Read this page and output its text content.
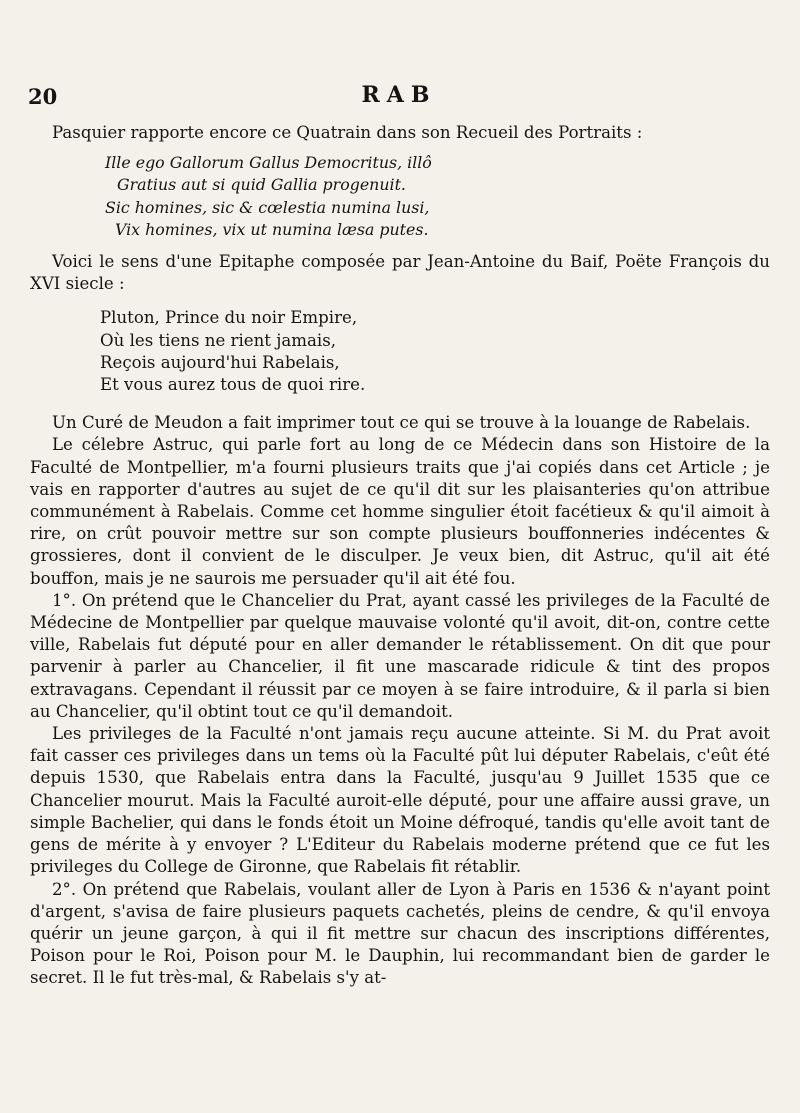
20	RAB

Pasquier rapporte encore ce Quatrain dans son Recueil des Portraits :

Ille ego Gallorum Gallus Democritus, illô
Gratius aut si quid Gallia progenuit.
Sic homines, sic & cœlestia numina lusi,
Vix homines, vix ut numina læsa putes.

Voici le sens d'une Epitaphe composée par Jean-Antoine du Baif, Poëte François du XVI siecle :

Pluton, Prince du noir Empire,
Où les tiens ne rient jamais,
Reçois aujourd'hui Rabelais,
Et vous aurez tous de quoi rire.

Un Curé de Meudon a fait imprimer tout ce qui se trouve à la louange de Rabelais.

Le célebre Astruc, qui parle fort au long de ce Médecin dans son Histoire de la Faculté de Montpellier, m'a fourni plusieurs traits que j'ai copiés dans cet Article ; je vais en rapporter d'autres au sujet de ce qu'il dit sur les plaisanteries qu'on attribue communément à Rabelais. Comme cet homme singulier étoit facétieux & qu'il aimoit à rire, on crût pouvoir mettre sur son compte plusieurs bouffonneries indécentes & grossieres, dont il convient de le disculper. Je veux bien, dit Astruc, qu'il ait été bouffon, mais je ne saurois me persuader qu'il ait été fou.

1°. On prétend que le Chancelier du Prat, ayant cassé les privileges de la Faculté de Médecine de Montpellier par quelque mauvaise volonté qu'il avoit, dit-on, contre cette ville, Rabelais fut député pour en aller demander le rétablissement. On dit que pour parvenir à parler au Chancelier, il fit une mascarade ridicule & tint des propos extravagans. Cependant il réussit par ce moyen à se faire introduire, & il parla si bien au Chancelier, qu'il obtint tout ce qu'il demandoit.

Les privileges de la Faculté n'ont jamais reçu aucune atteinte. Si M. du Prat avoit fait casser ces privileges dans un tems où la Faculté pût lui députer Rabelais, c'eût été depuis 1530, que Rabelais entra dans la Faculté, jusqu'au 9 Juillet 1535 que ce Chancelier mourut. Mais la Faculté auroit-elle député, pour une affaire aussi grave, un simple Bachelier, qui dans le fonds étoit un Moine défroqué, tandis qu'elle avoit tant de gens de mérite à y envoyer ? L'Editeur du Rabelais moderne prétend que ce fut les privileges du College de Gironne, que Rabelais fit rétablir.

2°. On prétend que Rabelais, voulant aller de Lyon à Paris en 1536 & n'ayant point d'argent, s'avisa de faire plusieurs paquets cachetés, pleins de cendre, & qu'il envoya quérir un jeune garçon, à qui il fit mettre sur chacun des inscriptions différentes, Poison pour le Roi, Poison pour M. le Dauphin, lui recommandant bien de garder le secret. Il le fut très-mal, & Rabelais s'y at-
